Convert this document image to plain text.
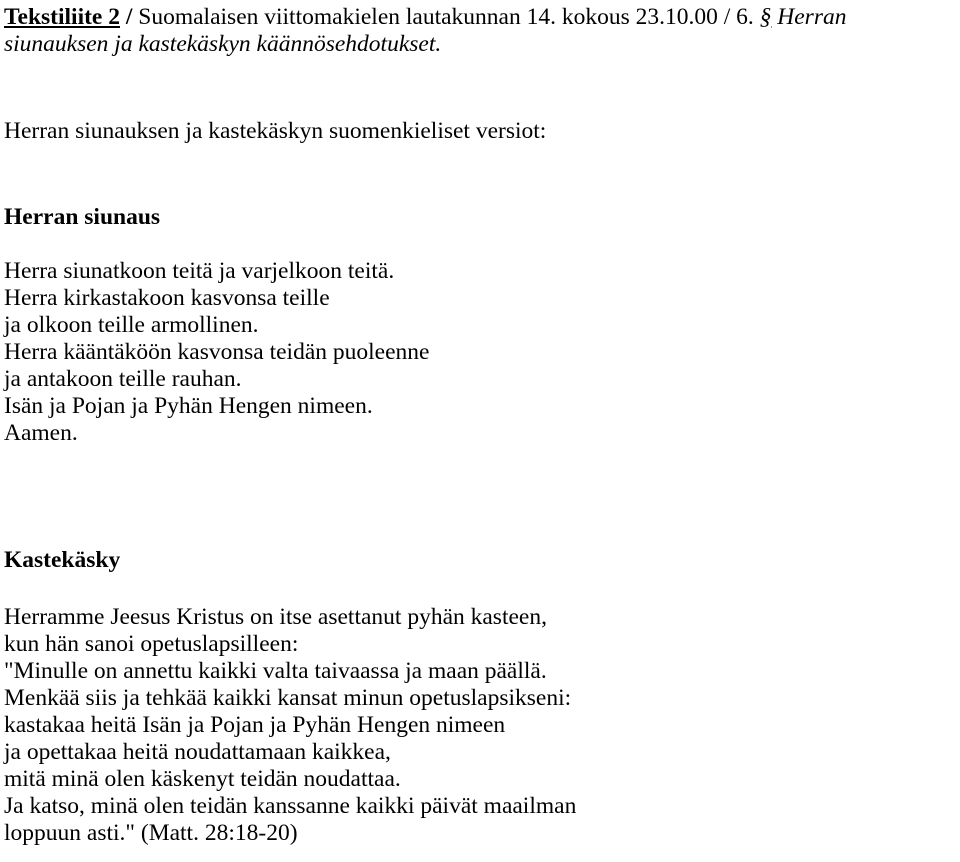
Tekstiliite 2 / Suomalaisen viittomakielen lautakunnan 14. kokous 23.10.00 / 6. § Herran
siunauksen ja kastekäskyn käännösehdotukset.
Herran siunauksen ja kastekäskyn suomenkieliset versiot:
Herran siunaus
Herra siunatkoon teitä ja varjelkoon teitä.
Herra kirkastakoon kasvonsa teille
ja olkoon teille armollinen.
Herra kääntäköön kasvonsa teidän puoleenne
ja antakoon teille rauhan.
Isän ja Pojan ja Pyhän Hengen nimeen.
Aamen.
Kastekäsky
Herramme Jeesus Kristus on itse asettanut pyhän kasteen,
kun hän sanoi opetuslapsilleen:
"Minulle on annettu kaikki valta taivaassa ja maan päällä.
Menkää siis ja tehkää kaikki kansat minun opetuslapsikseni:
kastakaa heitä Isän ja Pojan ja Pyhän Hengen nimeen
ja opettakaa heitä noudattamaan kaikkea,
mitä minä olen käskenyt teidän noudattaa.
Ja katso, minä olen teidän kanssanne kaikki päivät maailman
loppuun asti." (Matt. 28:18-20)
